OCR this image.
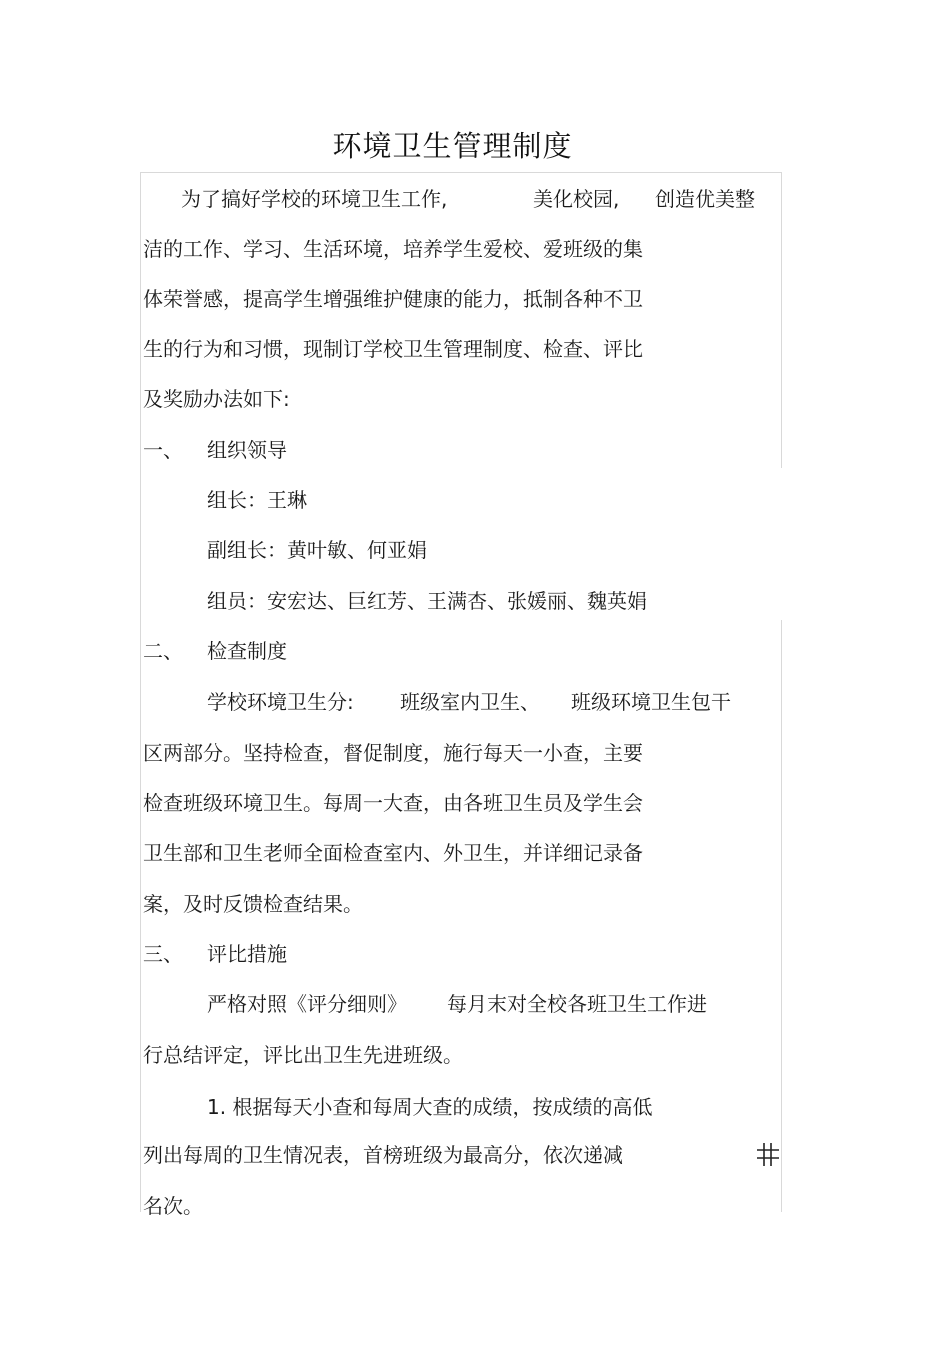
环境卫生管理制度
为了搞好学校的环境卫生工作,	美化校园, 创造优美整
洁的工作、学习、生活环境，培养学生爱校、爱班级的集
体荣誉感，提高学生增强维护健康的能力，抵制各种不卫
生的行为和习惯，现制订学校卫生管理制度、检查、评比
及奖励办法如下:
一、 组织领导
组长：王琳
副组长：黄叶敏、何亚娟
组员：安宏达、巨红芳、王满杏、张媛丽、魏英娟
二、 检查制度
学校环境卫生分: 班级室内卫生、 班级环境卫生包干
区两部分。坚持检查，督促制度，施行每天一小查，主要
检查班级环境卫生。每周一大查，由各班卫生员及学生会
卫生部和卫生老师全面检查室内、外卫生，并详细记录备
案，及时反馈检查结果。
三、 评比措施
严格对照《评分细则》 每月末对全校各班卫生工作进
行总结评定，评比出卫生先进班级。
1. 根据每天小查和每周大查的成绩，按成绩的高低
列出每周的卫生情况表，首榜班级为最高分，依次递减
名次。
